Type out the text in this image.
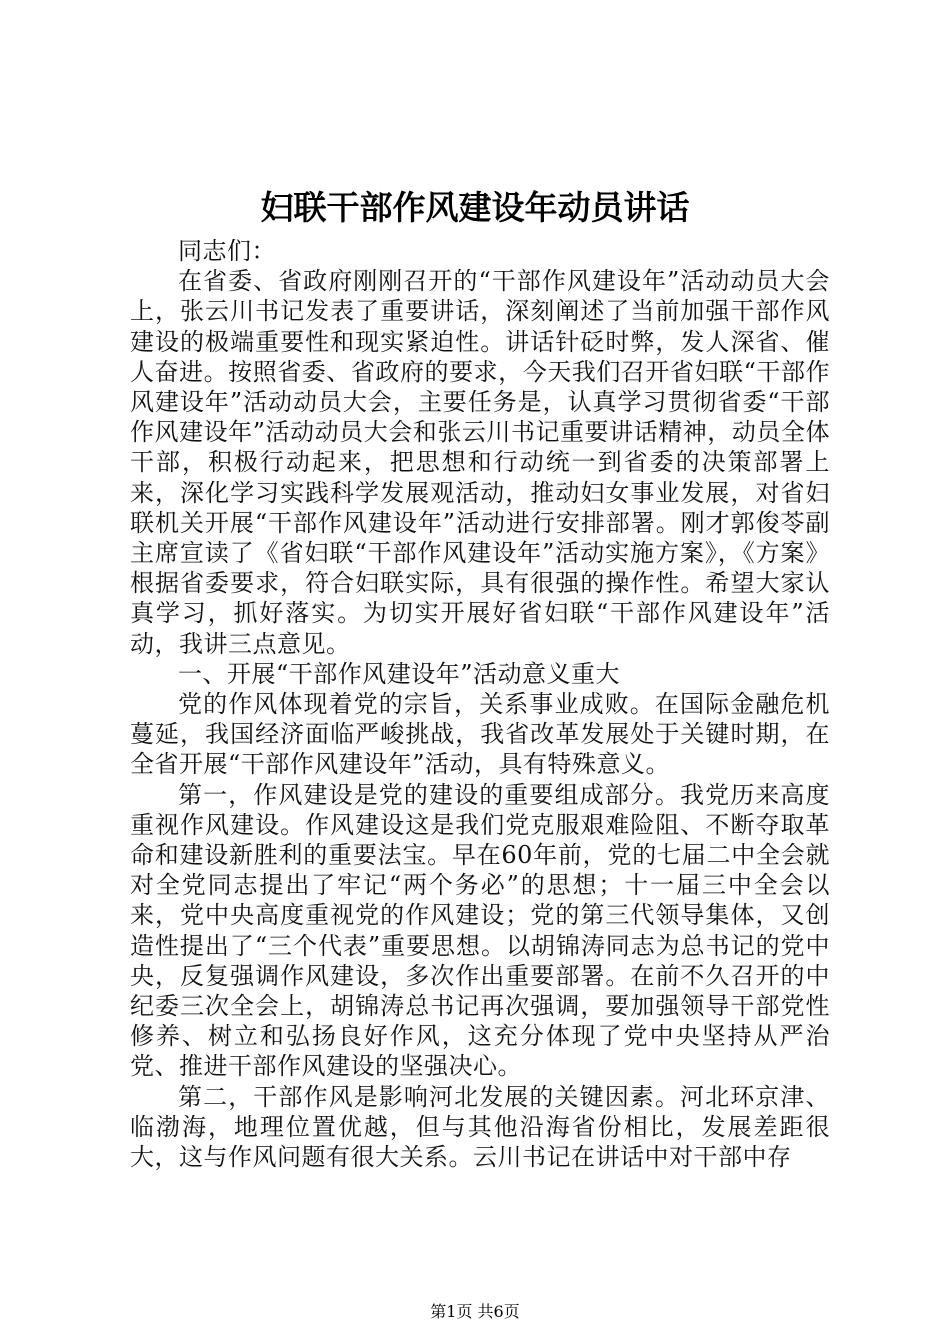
妇联干部作风建设年动员讲话

同志们：

在省委、省政府刚刚召开的“干部作风建设年”活动动员大会上，张云川书记发表了重要讲话，深刻阐述了当前加强干部作风建设的极端重要性和现实紧迫性。讲话针砭时弊，发人深省、催人奋进。按照省委、省政府的要求，今天我们召开省妇联“干部作风建设年”活动动员大会，主要任务是，认真学习贯彻省委“干部作风建设年”活动动员大会和张云川书记重要讲话精神，动员全体干部，积极行动起来，把思想和行动统一到省委的决策部署上来，深化学习实践科学发展观活动，推动妇女事业发展，对省妇联机关开展“干部作风建设年”活动进行安排部署。刚才郭俊苓副主席宣读了《省妇联“干部作风建设年”活动实施方案》，《方案》根据省委要求，符合妇联实际，具有很强的操作性。希望大家认真学习，抓好落实。为切实开展好省妇联“干部作风建设年”活动，我讲三点意见。

一、开展“干部作风建设年”活动意义重大

党的作风体现着党的宗旨，关系事业成败。在国际金融危机蔓延，我国经济面临严峻挑战，我省改革发展处于关键时期，在全省开展“干部作风建设年”活动，具有特殊意义。

第一，作风建设是党的建设的重要组成部分。我党历来高度重视作风建设。作风建设这是我们党克服艰难险阻、不断夺取革命和建设新胜利的重要法宝。早在60年前，党的七届二中全会就对全党同志提出了牢记“两个务必”的思想；十一届三中全会以来，党中央高度重视党的作风建设；党的第三代领导集体，又创造性提出了“三个代表”重要思想。以胡锦涛同志为总书记的党中央，反复强调作风建设，多次作出重要部署。在前不久召开的中纪委三次全会上，胡锦涛总书记再次强调，要加强领导干部党性修养、树立和弘扬良好作风，这充分体现了党中央坚持从严治党、推进干部作风建设的坚强决心。

第二，干部作风是影响河北发展的关键因素。河北环京津、临渤海，地理位置优越，但与其他沿海省份相比，发展差距很大，这与作风问题有很大关系。云川书记在讲话中对干部中存

第1页 共6页
